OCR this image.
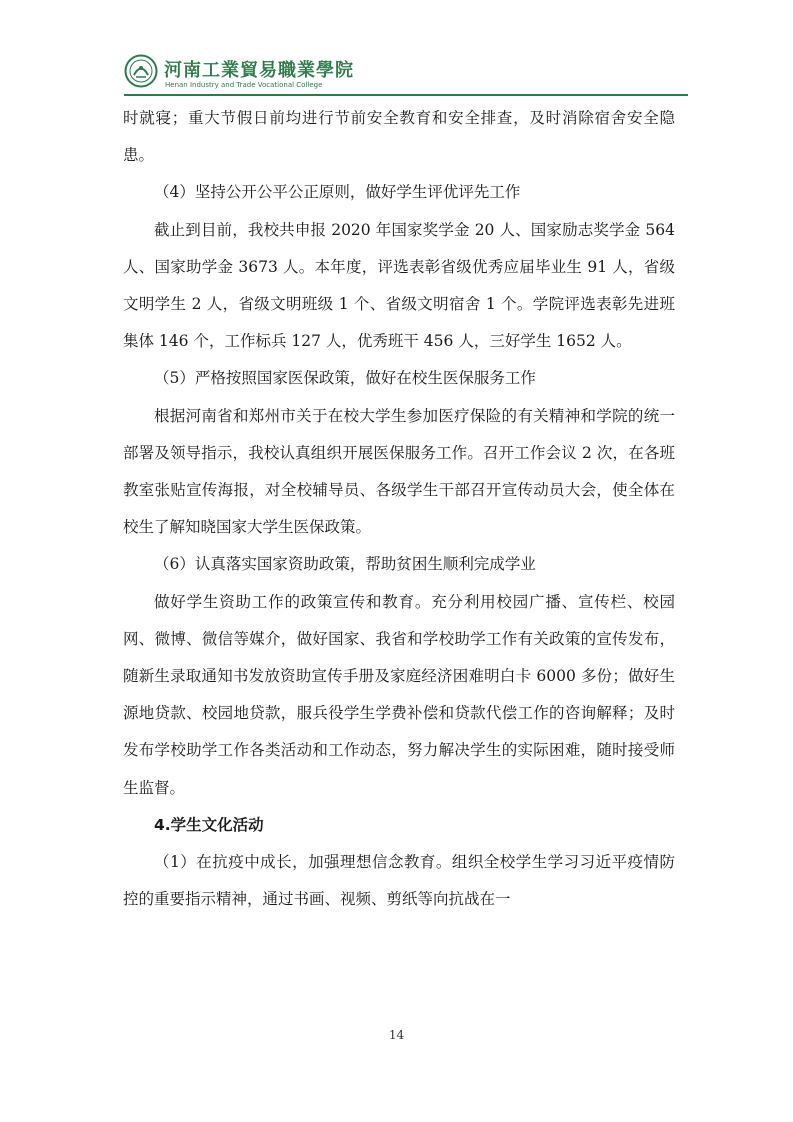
河南工業貿易職業學院
Henan Industry and Trade Vocational College

时就寝；重大节假日前均进行节前安全教育和安全排查，及时消除宿舍安全隐患。

（4）坚持公开公平公正原则，做好学生评优评先工作

截止到目前，我校共申报 2020 年国家奖学金 20 人、国家励志奖学金 564 人、国家助学金 3673 人。本年度，评选表彰省级优秀应届毕业生 91 人，省级文明学生 2 人，省级文明班级 1 个、省级文明宿舍 1 个。学院评选表彰先进班集体 146 个，工作标兵 127 人，优秀班干 456 人，三好学生 1652 人。

（5）严格按照国家医保政策，做好在校生医保服务工作

根据河南省和郑州市关于在校大学生参加医疗保险的有关精神和学院的统一部署及领导指示，我校认真组织开展医保服务工作。召开工作会议 2 次，在各班教室张贴宣传海报，对全校辅导员、各级学生干部召开宣传动员大会，使全体在校生了解知晓国家大学生医保政策。

（6）认真落实国家资助政策，帮助贫困生顺利完成学业

做好学生资助工作的政策宣传和教育。充分利用校园广播、宣传栏、校园网、微博、微信等媒介，做好国家、我省和学校助学工作有关政策的宣传发布，随新生录取通知书发放资助宣传手册及家庭经济困难明白卡 6000 多份；做好生源地贷款、校园地贷款，服兵役学生学费补偿和贷款代偿工作的咨询解释；及时发布学校助学工作各类活动和工作动态，努力解决学生的实际困难，随时接受师生监督。

4.学生文化活动

（1）在抗疫中成长，加强理想信念教育。组织全校学生学习习近平疫情防控的重要指示精神，通过书画、视频、剪纸等向抗战在一

14
